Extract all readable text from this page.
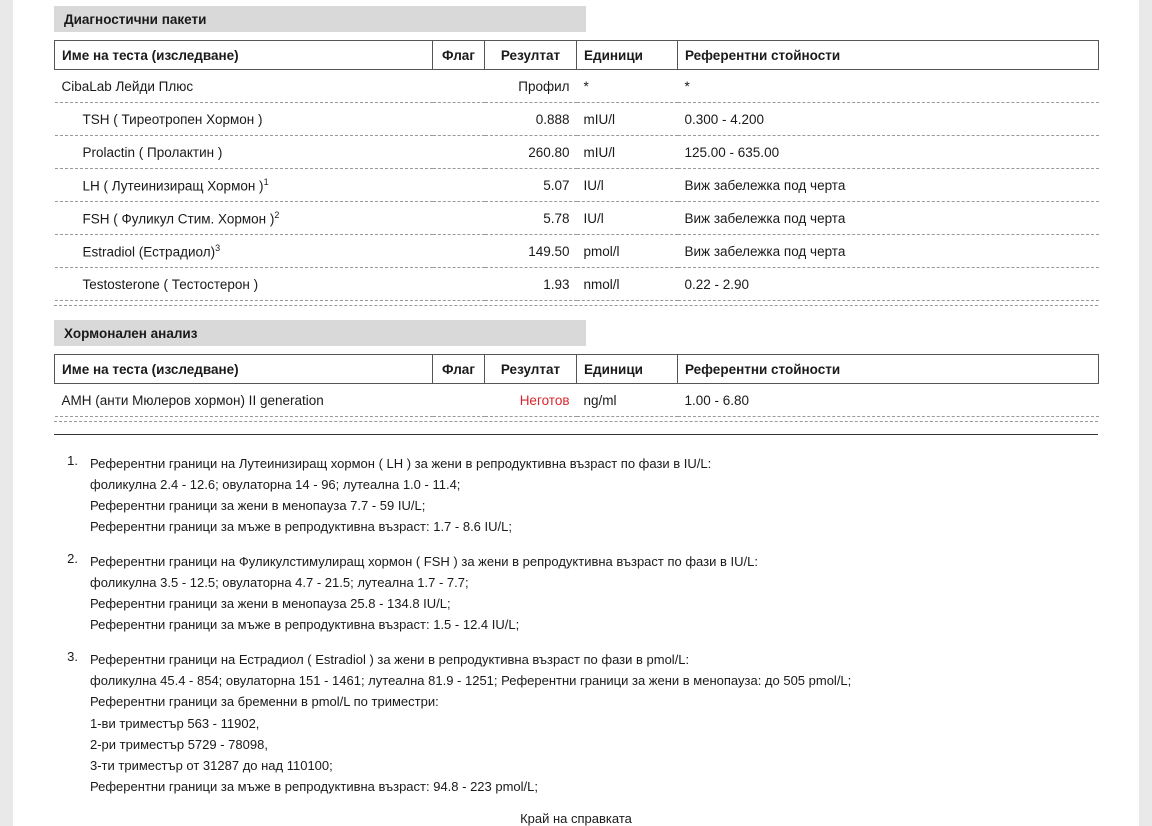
Диагностични пакети
Име на теста (изследване)	Флаг	Резултат	Единици	Референтни стойности
CibaLab Лейди Плюс		Профил	*	*
TSH ( Тиреотропен Хормон )		0.888	mIU/l	0.300 - 4.200
Prolactin ( Пролактин )		260.80	mIU/l	125.00 - 635.00
LH ( Лутеинизиращ Хормон )$^1$		5.07	IU/l	Виж забележка под черта
FSH ( Фуликул Стим. Хормон )$^2$		5.78	IU/l	Виж забележка под черта
Estradiol (Естрадиол)$^3$		149.50	pmol/l	Виж забележка под черта
Testosterone ( Тестостерон )		1.93	nmol/l	0.22 - 2.90
Хормонален анализ
Име на теста (изследване)	Флаг	Резултат	Единици	Референтни стойности
АМН (анти Мюлеров хормон) II generation		Неготов	ng/ml	1.00 - 6.80
1. Референтни граници на Лутеинизиращ хормон ( LH ) за жени в репродуктивна възраст по фази в IU/L:
фоликулна 2.4 - 12.6; овулаторна 14 - 96; лутеална 1.0 - 11.4;
Референтни граници за жени в менопауза 7.7 - 59 IU/L;
Референтни граници за мъже в репродуктивна възраст: 1.7 - 8.6 IU/L;
2. Референтни граници на Фуликулстимулиращ хормон ( FSH ) за жени в репродуктивна възраст по фази в IU/L:
фоликулна 3.5 - 12.5; овулаторна 4.7 - 21.5; лутеална 1.7 - 7.7;
Референтни граници за жени в менопауза 25.8 - 134.8 IU/L;
Референтни граници за мъже в репродуктивна възраст: 1.5 - 12.4 IU/L;
3. Референтни граници на Естрадиол ( Estradiol ) за жени в репродуктивна възраст по фази в pmol/L:
фоликулна 45.4 - 854; овулаторна 151 - 1461; лутеална 81.9 - 1251; Референтни граници за жени в менопауза: до 505 pmol/L;
Референтни граници за бременни в pmol/L по триместри:
1-ви триместър 563 - 11902,
2-ри триместър 5729 - 78098,
3-ти триместър от 31287 до над 110100;
Референтни граници за мъже в репродуктивна възраст: 94.8 - 223 pmol/L;
Край на справката
